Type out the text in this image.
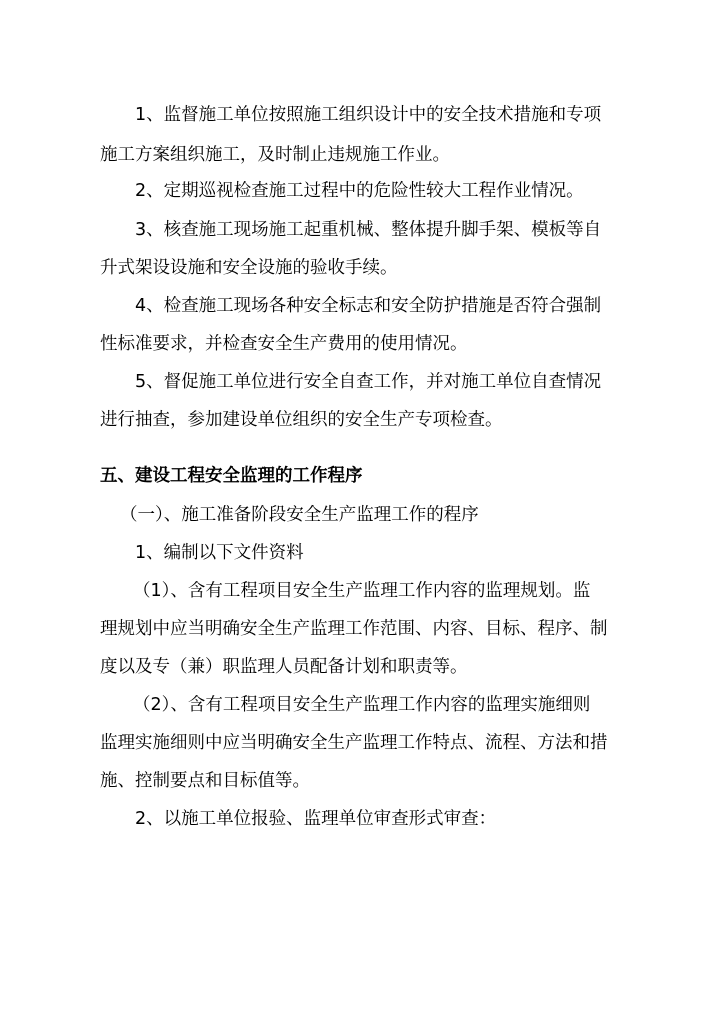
1、监督施工单位按照施工组织设计中的安全技术措施和专项
施工方案组织施工，及时制止违规施工作业。
2、定期巡视检查施工过程中的危险性较大工程作业情况。
3、核查施工现场施工起重机械、整体提升脚手架、模板等自
升式架设设施和安全设施的验收手续。
4、检查施工现场各种安全标志和安全防护措施是否符合强制
性标准要求，并检查安全生产费用的使用情况。
5、督促施工单位进行安全自查工作，并对施工单位自查情况
进行抽查，参加建设单位组织的安全生产专项检查。
五、建设工程安全监理的工作程序
（一）、施工准备阶段安全生产监理工作的程序
1、编制以下文件资料
（1）、含有工程项目安全生产监理工作内容的监理规划。监
理规划中应当明确安全生产监理工作范围、内容、目标、程序、制
度以及专（兼）职监理人员配备计划和职责等。
（2）、含有工程项目安全生产监理工作内容的监理实施细则
监理实施细则中应当明确安全生产监理工作特点、流程、方法和措
施、控制要点和目标值等。
2、以施工单位报验、监理单位审查形式审查：
